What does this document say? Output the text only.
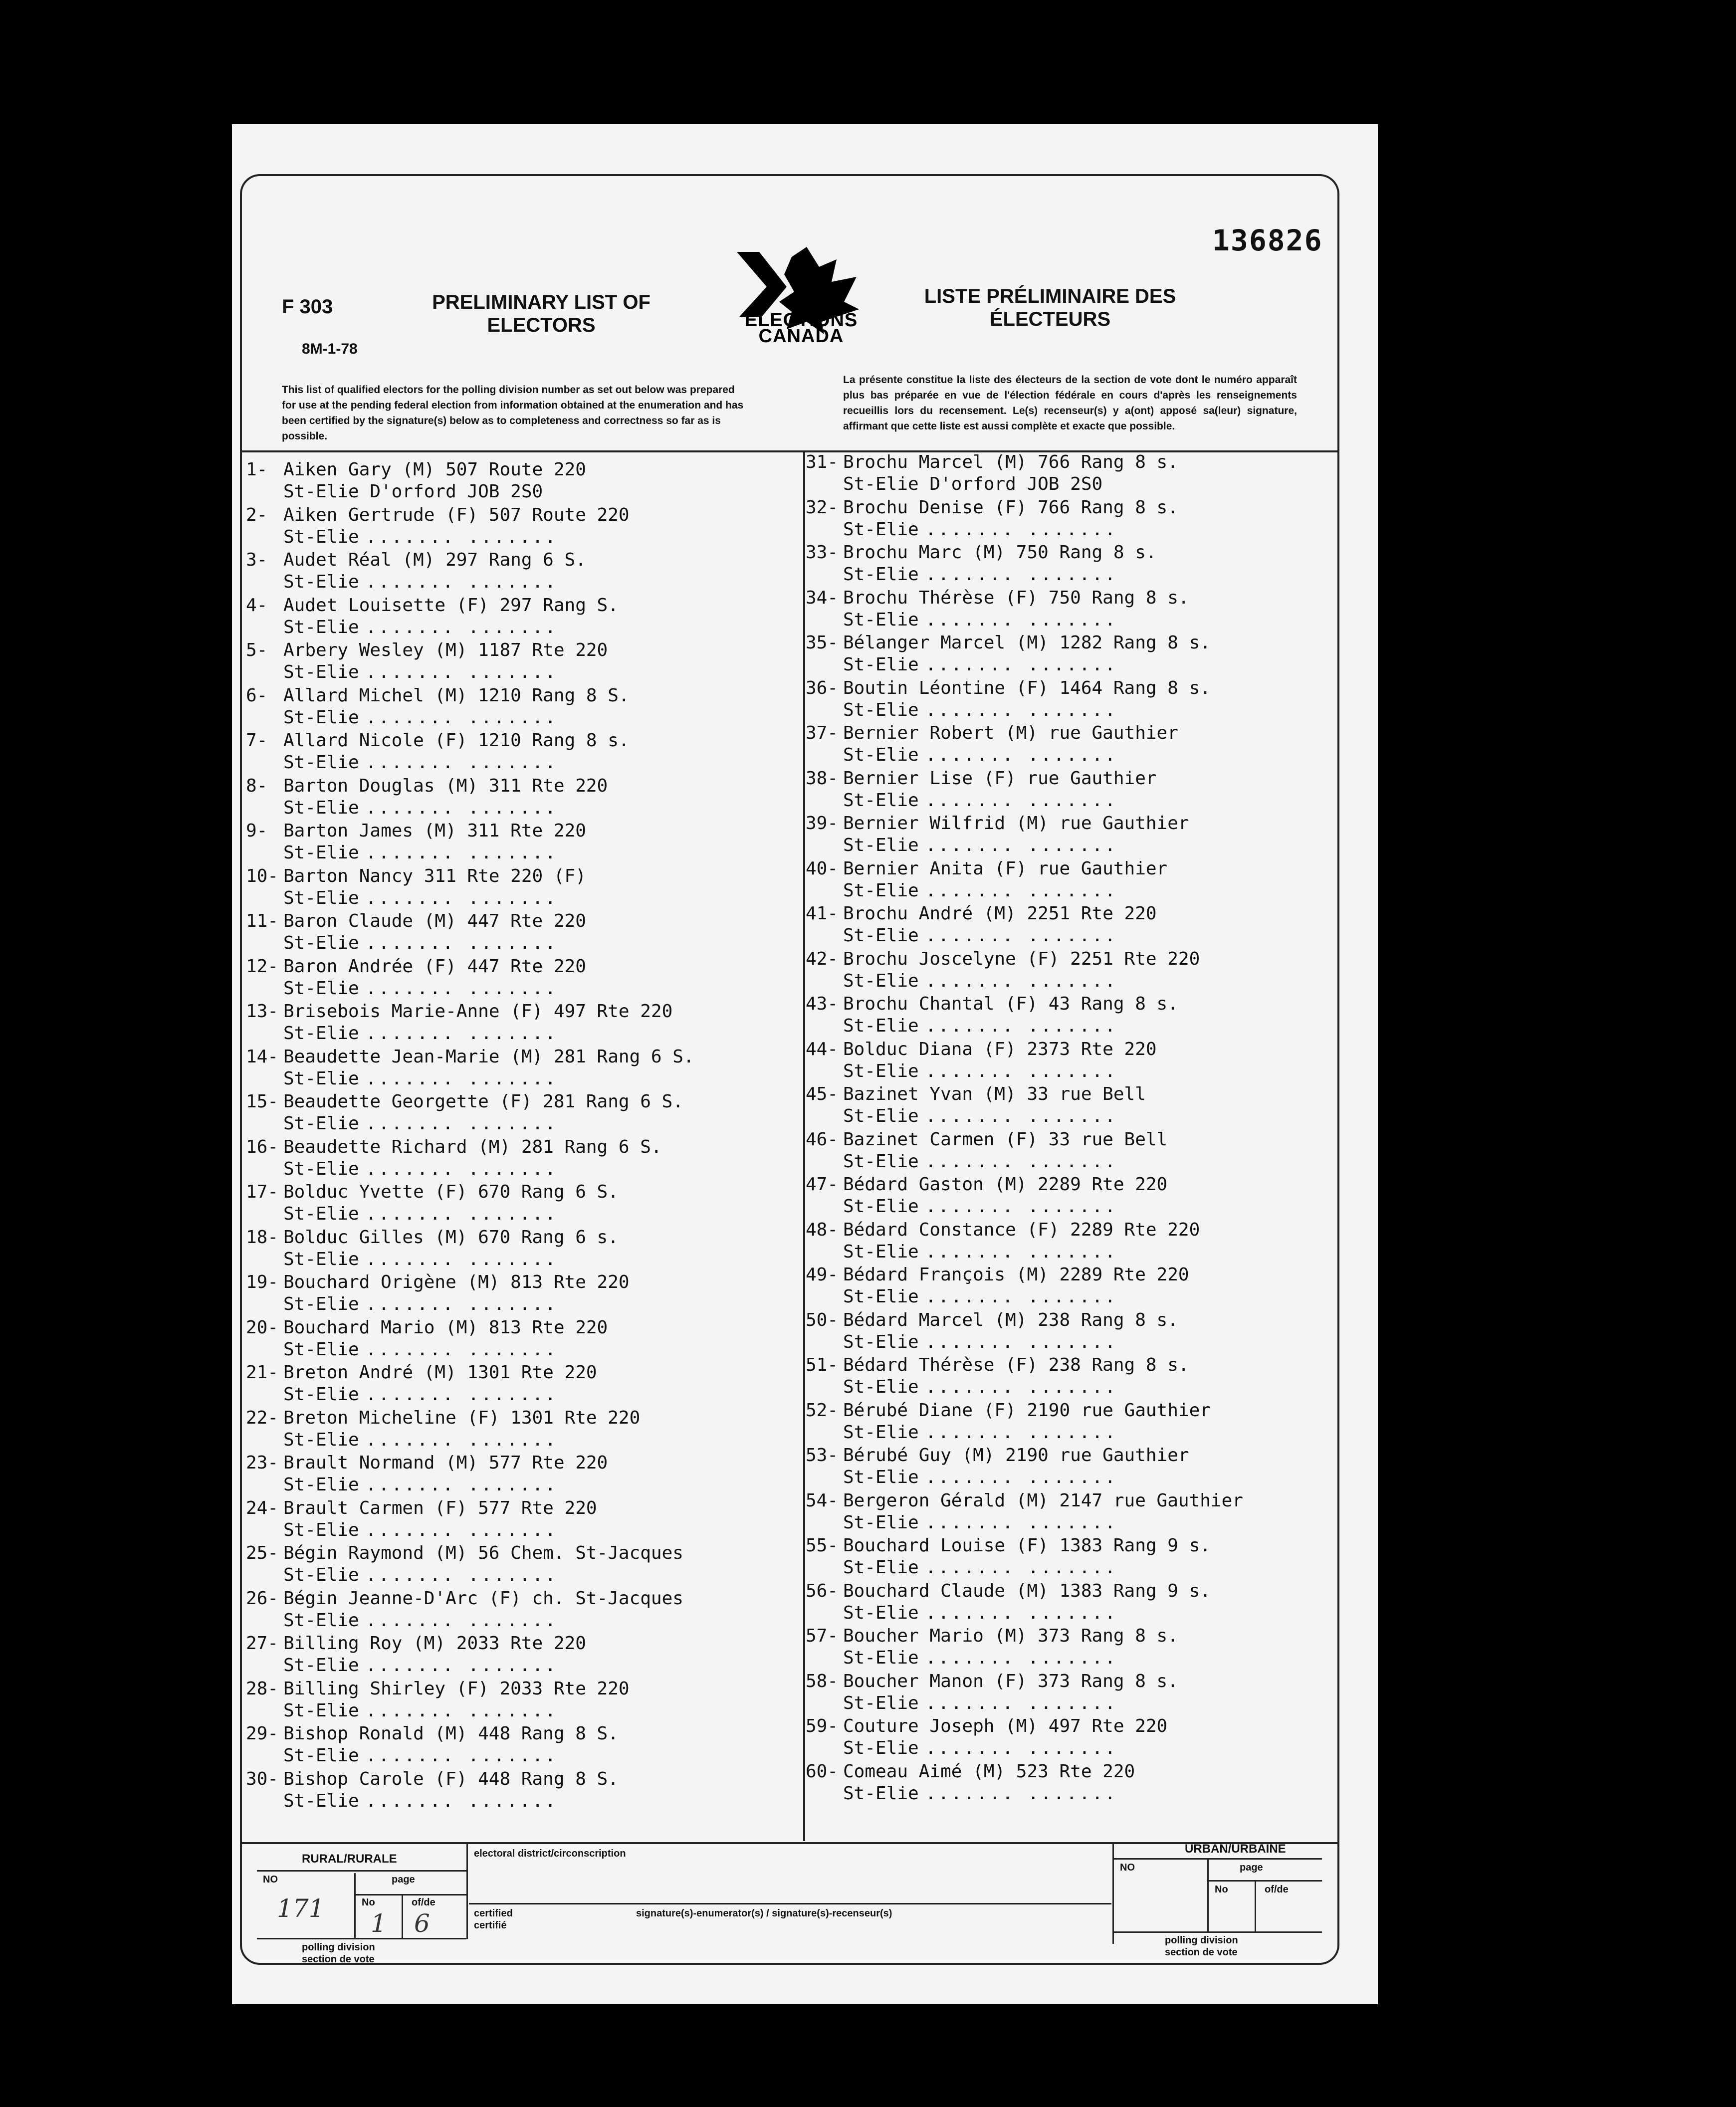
F 303
8M-1-78
PRELIMINARY LIST OF
ELECTORS	ELECTIONS
CANADA
LISTE PRÉLIMINAIRE DES
ÉLECTEURS
136826
This list of qualified electors for the polling division number as set out below was prepared for use at the pending federal election from information obtained at the enumeration and has been certified by the signature(s) below as to completeness and correctness so far as is possible.
La présente constitue la liste des électeurs de la section de vote dont le numéro apparaît plus bas préparée en vue de l'élection fédérale en cours d'après les renseignements recueillis lors du recensement. Le(s) recenseur(s) y a(ont) apposé sa(leur) signature, affirmant que cette liste est aussi complète et exacte que possible.
1- Aiken Gary (M) 507 Route 220
St-Elie D'orford JOB 2S0
2- Aiken Gertrude (F) 507 Route 220
St-Elie ....... .......
3- Audet Réal (M) 297 Rang 6 S.
St-Elie ....... .......
4- Audet Louisette (F) 297 Rang S.
St-Elie ....... .......
5- Arbery Wesley (M) 1187 Rte 220
St-Elie ....... .......
6- Allard Michel (M) 1210 Rang 8 S.
St-Elie ....... .......
7- Allard Nicole (F) 1210 Rang 8 s.
St-Elie ....... .......
8- Barton Douglas (M) 311 Rte 220
St-Elie ....... .......
9- Barton James (M) 311 Rte 220
St-Elie ....... .......
10- Barton Nancy 311 Rte 220 (F)
St-Elie ....... .......
11- Baron Claude (M) 447 Rte 220
St-Elie ....... .......
12- Baron Andrée (F) 447 Rte 220
St-Elie ....... .......
13- Brisebois Marie-Anne (F) 497 Rte 220
St-Elie ....... .......
14- Beaudette Jean-Marie (M) 281 Rang 6 S.
St-Elie ....... .......
15- Beaudette Georgette (F) 281 Rang 6 S.
St-Elie ....... .......
16- Beaudette Richard (M) 281 Rang 6 S.
St-Elie ....... .......
17- Bolduc Yvette (F) 670 Rang 6 S.
St-Elie ....... .......
18- Bolduc Gilles (M) 670 Rang 6 s.
St-Elie ....... .......
19- Bouchard Origène (M) 813 Rte 220
St-Elie ....... .......
20- Bouchard Mario (M) 813 Rte 220
St-Elie ....... .......
21- Breton André (M) 1301 Rte 220
St-Elie ....... .......
22- Breton Micheline (F) 1301 Rte 220
St-Elie ....... .......
23- Brault Normand (M) 577 Rte 220
St-Elie ....... .......
24- Brault Carmen (F) 577 Rte 220
St-Elie ....... .......
25- Bégin Raymond (M) 56 Chem. St-Jacques
St-Elie ....... .......
26- Bégin Jeanne-D'Arc (F) ch. St-Jacques
St-Elie ....... .......
27- Billing Roy (M) 2033 Rte 220
St-Elie ....... .......
28- Billing Shirley (F) 2033 Rte 220
St-Elie ....... .......
29- Bishop Ronald (M) 448 Rang 8 S.
St-Elie ....... .......
30- Bishop Carole (F) 448 Rang 8 S.
St-Elie ....... .......
31- Brochu Marcel (M) 766 Rang 8 s.
St-Elie D'orford JOB 2S0
32- Brochu Denise (F) 766 Rang 8 s.
St-Elie ....... .......
33- Brochu Marc (M) 750 Rang 8 s.
St-Elie ....... .......
34- Brochu Thérèse (F) 750 Rang 8 s.
St-Elie ....... .......
35- Bélanger Marcel (M) 1282 Rang 8 s.
St-Elie ....... .......
36- Boutin Léontine (F) 1464 Rang 8 s.
St-Elie ....... .......
37- Bernier Robert (M) rue Gauthier
St-Elie ....... .......
38- Bernier Lise (F) rue Gauthier
St-Elie ....... .......
39- Bernier Wilfrid (M) rue Gauthier
St-Elie ....... .......
40- Bernier Anita (F) rue Gauthier
St-Elie ....... .......
41- Brochu André (M) 2251 Rte 220
St-Elie ....... .......
42- Brochu Joscelyne (F) 2251 Rte 220
St-Elie ....... .......
43- Brochu Chantal (F) 43 Rang 8 s.
St-Elie ....... .......
44- Bolduc Diana (F) 2373 Rte 220
St-Elie ....... .......
45- Bazinet Yvan (M) 33 rue Bell
St-Elie ....... .......
46- Bazinet Carmen (F) 33 rue Bell
St-Elie ....... .......
47- Bédard Gaston (M) 2289 Rte 220
St-Elie ....... .......
48- Bédard Constance (F) 2289 Rte 220
St-Elie ....... .......
49- Bédard François (M) 2289 Rte 220
St-Elie ....... .......
50- Bédard Marcel (M) 238 Rang 8 s.
St-Elie ....... .......
51- Bédard Thérèse (F) 238 Rang 8 s.
St-Elie ....... .......
52- Bérubé Diane (F) 2190 rue Gauthier
St-Elie ....... .......
53- Bérubé Guy (M) 2190 rue Gauthier
St-Elie ....... .......
54- Bergeron Gérald (M) 2147 rue Gauthier
St-Elie ....... .......
55- Bouchard Louise (F) 1383 Rang 9 s.
St-Elie ....... .......
56- Bouchard Claude (M) 1383 Rang 9 s.
St-Elie ....... .......
57- Boucher Mario (M) 373 Rang 8 s.
St-Elie ....... .......
58- Boucher Manon (F) 373 Rang 8 s.
St-Elie ....... .......
59- Couture Joseph (M) 497 Rte 220
St-Elie ....... .......
60- Comeau Aimé (M) 523 Rte 220
St-Elie ....... .......
RURAL/RURALE
NO	page
No	of/de
171
1 6
polling division
section de vote
electoral district/circonscription
certified
certifié
signature(s)-enumerator(s) / signature(s)-recenseur(s)
URBAN/URBAINE
NO	page
No	of/de
polling division
section de vote
